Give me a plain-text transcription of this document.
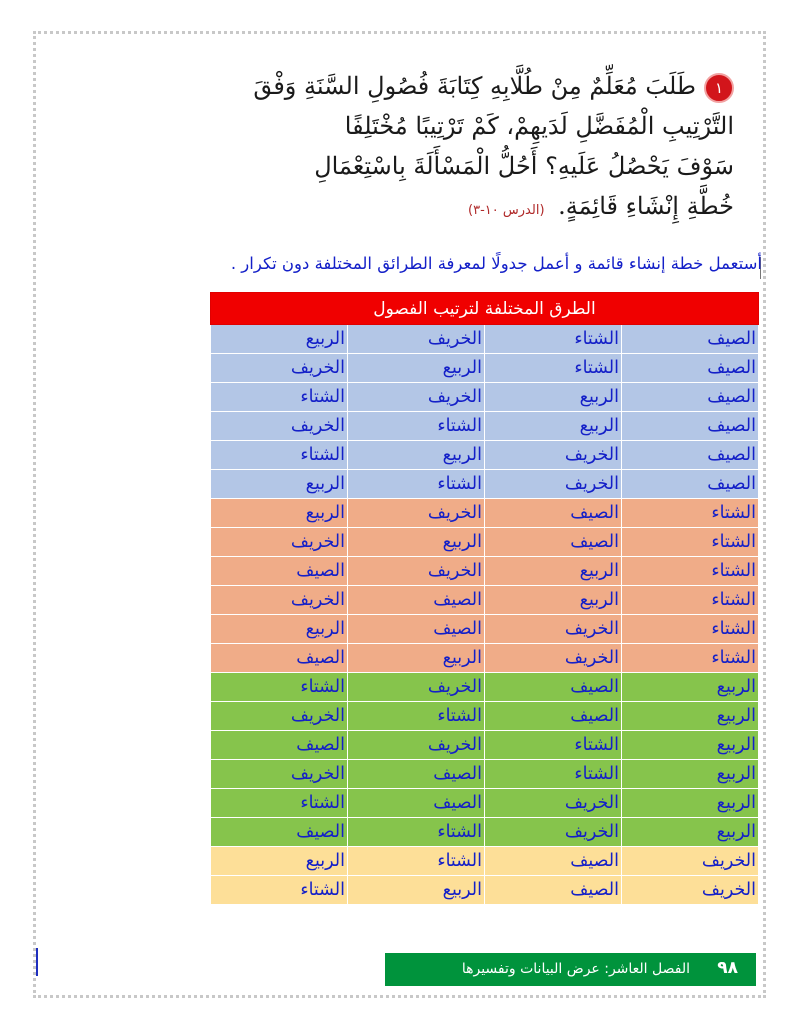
١طَلَبَ مُعَلِّمٌ مِنْ طُلَّابِهِ كِتَابَةَ فُصُولِ السَّنَةِ وَفْقَ
التَّرْتِيبِ الْمُفَضَّلِ لَدَيهِمْ، كَمْ تَرْتِيبًا مُخْتَلِفًا
سَوْفَ يَحْصُلُ عَلَيهِ؟ أَحُلُّ الْمَسْأَلَةَ بِاسْتِعْمَالِ
خُطَّةِ إِنْشَاءِ قَائِمَةٍ. (الدرس ١٠-٣)
أستعمل خطة إنشاء قائمة و أعمل جدولًا لمعرفة الطرائق المختلفة دون تكرار .
الطرق المختلفة لترتيب الفصول			
الصيف	الشتاء	الخريف	الربيع
الصيف	الشتاء	الربيع	الخريف
الصيف	الربيع	الخريف	الشتاء
الصيف	الربيع	الشتاء	الخريف
الصيف	الخريف	الربيع	الشتاء
الصيف	الخريف	الشتاء	الربيع
الشتاء	الصيف	الخريف	الربيع
الشتاء	الصيف	الربيع	الخريف
الشتاء	الربيع	الخريف	الصيف
الشتاء	الربيع	الصيف	الخريف
الشتاء	الخريف	الصيف	الربيع
الشتاء	الخريف	الربيع	الصيف
الربيع	الصيف	الخريف	الشتاء
الربيع	الصيف	الشتاء	الخريف
الربيع	الشتاء	الخريف	الصيف
الربيع	الشتاء	الصيف	الخريف
الربيع	الخريف	الصيف	الشتاء
الربيع	الخريف	الشتاء	الصيف
الخريف	الصيف	الشتاء	الربيع
الخريف	الصيف	الربيع	الشتاء
٩٨
الفصل العاشر: عرض البيانات وتفسيرها
